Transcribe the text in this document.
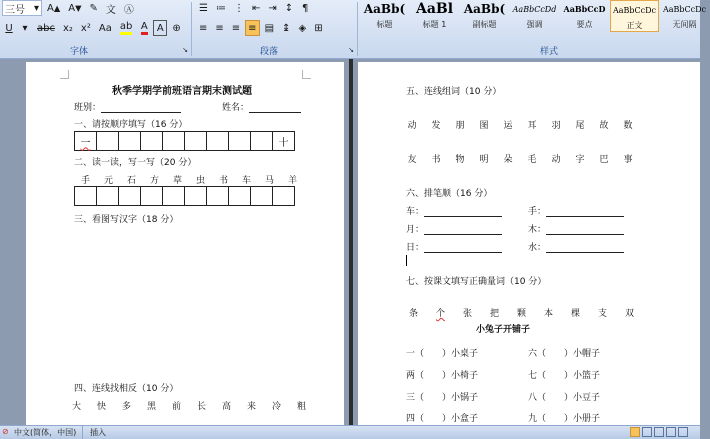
三号 ▾ A ▲ A ▼ ✎ 文 Ⓐ
U ▾ abc x₂ x² Aa ab A A ⊕
字体	↘
☰ ≔ ⋮ ⇤ ⇥ ↕ ¶
≡ ≡ ≡ ≡ ▤ ↨ ◈ ⊞
段落	↘
AaBb(
标题
AaBl
标题 1
AaBb(
副标题
AaBbCcDd
强调
AaBbCcD
要点
AaBbCcDc
正文
AaBbCcDc
无间隔
样式
秋季学期学前班语言期末测试题
班别：	姓名：
一、请按顺序填写（16 分）
一	十
二、读一读，写一写（20 分）
手	元	石	方	草	虫	书	车	马	羊
三、看图写汉字（18 分）
四、连线找相反（10 分）
大	快	多	黑	前	长	高	来	冷	粗
五、连线组词（10 分）
动	发	朋	图	运	耳	羽	尾	故	数
友	书	物	明	朵	毛	动	字	巴	事
六、排笔顺（16 分）
车：	手：
月：	木：
日：	水：
七、按课文填写正确量词（10 分）
条	个	张	把	颗	本	棵	支	双
小兔子开铺子
一（　　）小桌子	六（　　）小帽子
两（　　）小椅子	七（　　）小篮子
三（　　）小锅子	八（　　）小豆子
四（　　）小盒子	九（　　）小册子
⊘ 中文(简体，中国) 插入
